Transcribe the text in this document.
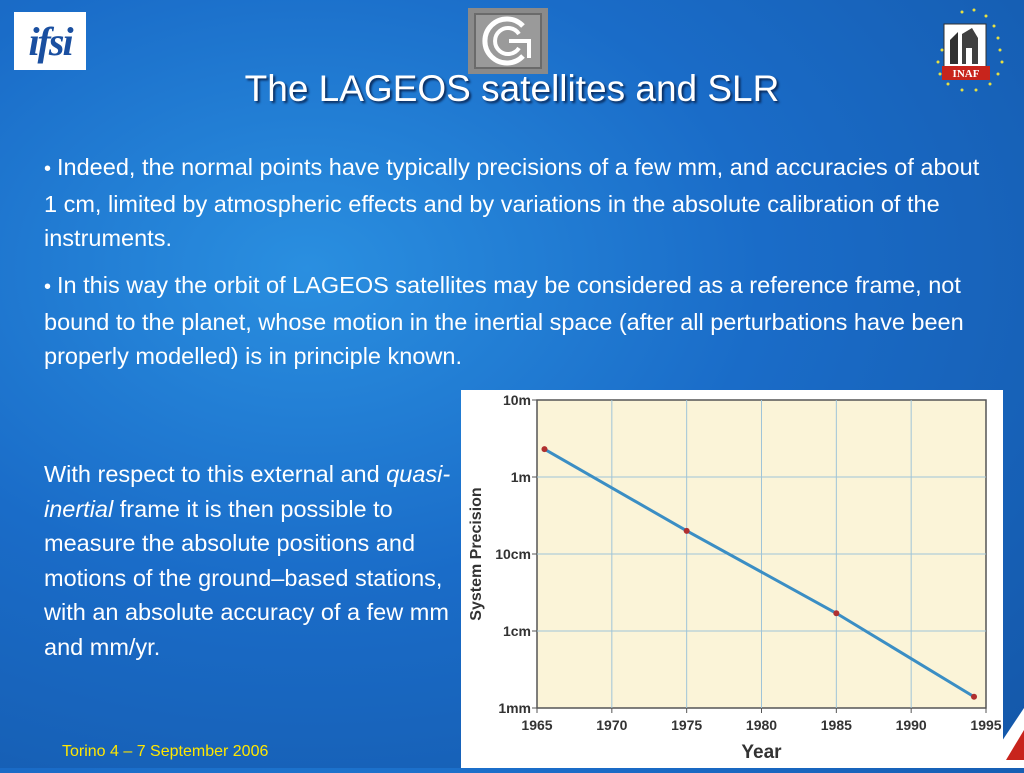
ifsi
INAF
The LAGEOS satellites and SLR
• Indeed, the normal points have typically precisions of a few mm, and accuracies of about 1 cm, limited by atmospheric effects and by variations in the absolute calibration of the instruments.
• In this way the orbit of LAGEOS satellites may be considered as a reference frame, not bound to the planet, whose motion in the inertial space (after all perturbations have been properly modelled) is in principle known.
With respect to this external and quasi-inertial frame it is then possible to measure the absolute positions and motions of the ground–based stations, with an absolute accuracy of a few mm and mm/yr.
1965	1970	1975	1980	1985	1990	1995
10m
1m
10cm
1cm
1mm
Year
System Precision
Torino 4 – 7 September 2006
